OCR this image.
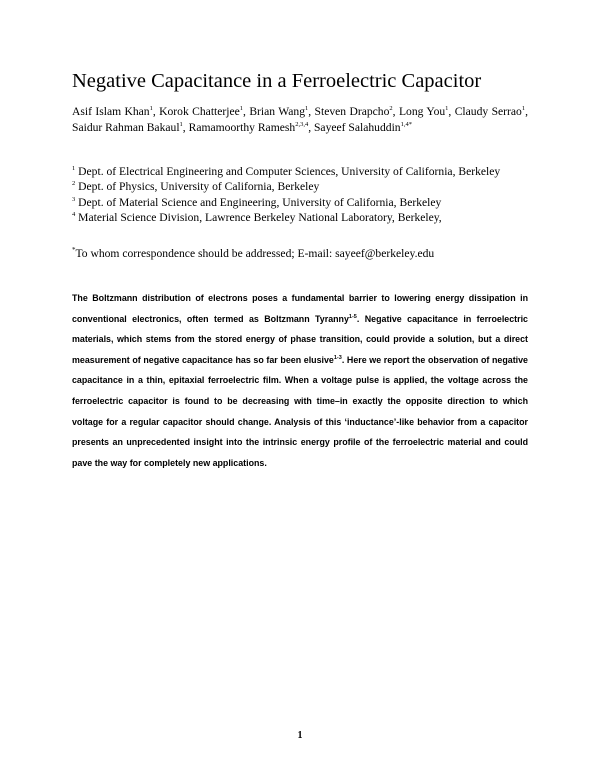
Negative Capacitance in a Ferroelectric Capacitor
Asif Islam Khan$^1$, Korok Chatterjee$^1$, Brian Wang$^1$, Steven Drapcho$^2$, Long You$^1$, Claudy Serrao$^1$, Saidur Rahman Bakaul$^1$, Ramamoorthy Ramesh$^{2,3,4}$, Sayeef Salahuddin$^{1,4*}$
$^1$ Dept. of Electrical Engineering and Computer Sciences, University of California, Berkeley
$^2$ Dept. of Physics, University of California, Berkeley
$^3$ Dept. of Material Science and Engineering, University of California, Berkeley
$^4$ Material Science Division, Lawrence Berkeley National Laboratory, Berkeley,
*To whom correspondence should be addressed; E-mail: sayeef@berkeley.edu
The Boltzmann distribution of electrons poses a fundamental barrier to lowering energy dissipation in conventional electronics, often termed as Boltzmann Tyranny$^{1-5}$. Negative capacitance in ferroelectric materials, which stems from the stored energy of phase transition, could provide a solution, but a direct measurement of negative capacitance has so far been elusive$^{1-3}$. Here we report the observation of negative capacitance in a thin, epitaxial ferroelectric film. When a voltage pulse is applied, the voltage across the ferroelectric capacitor is found to be decreasing with time–in exactly the opposite direction to which voltage for a regular capacitor should change. Analysis of this ‘inductance’-like behavior from a capacitor presents an unprecedented insight into the intrinsic energy profile of the ferroelectric material and could pave the way for completely new applications.
1
